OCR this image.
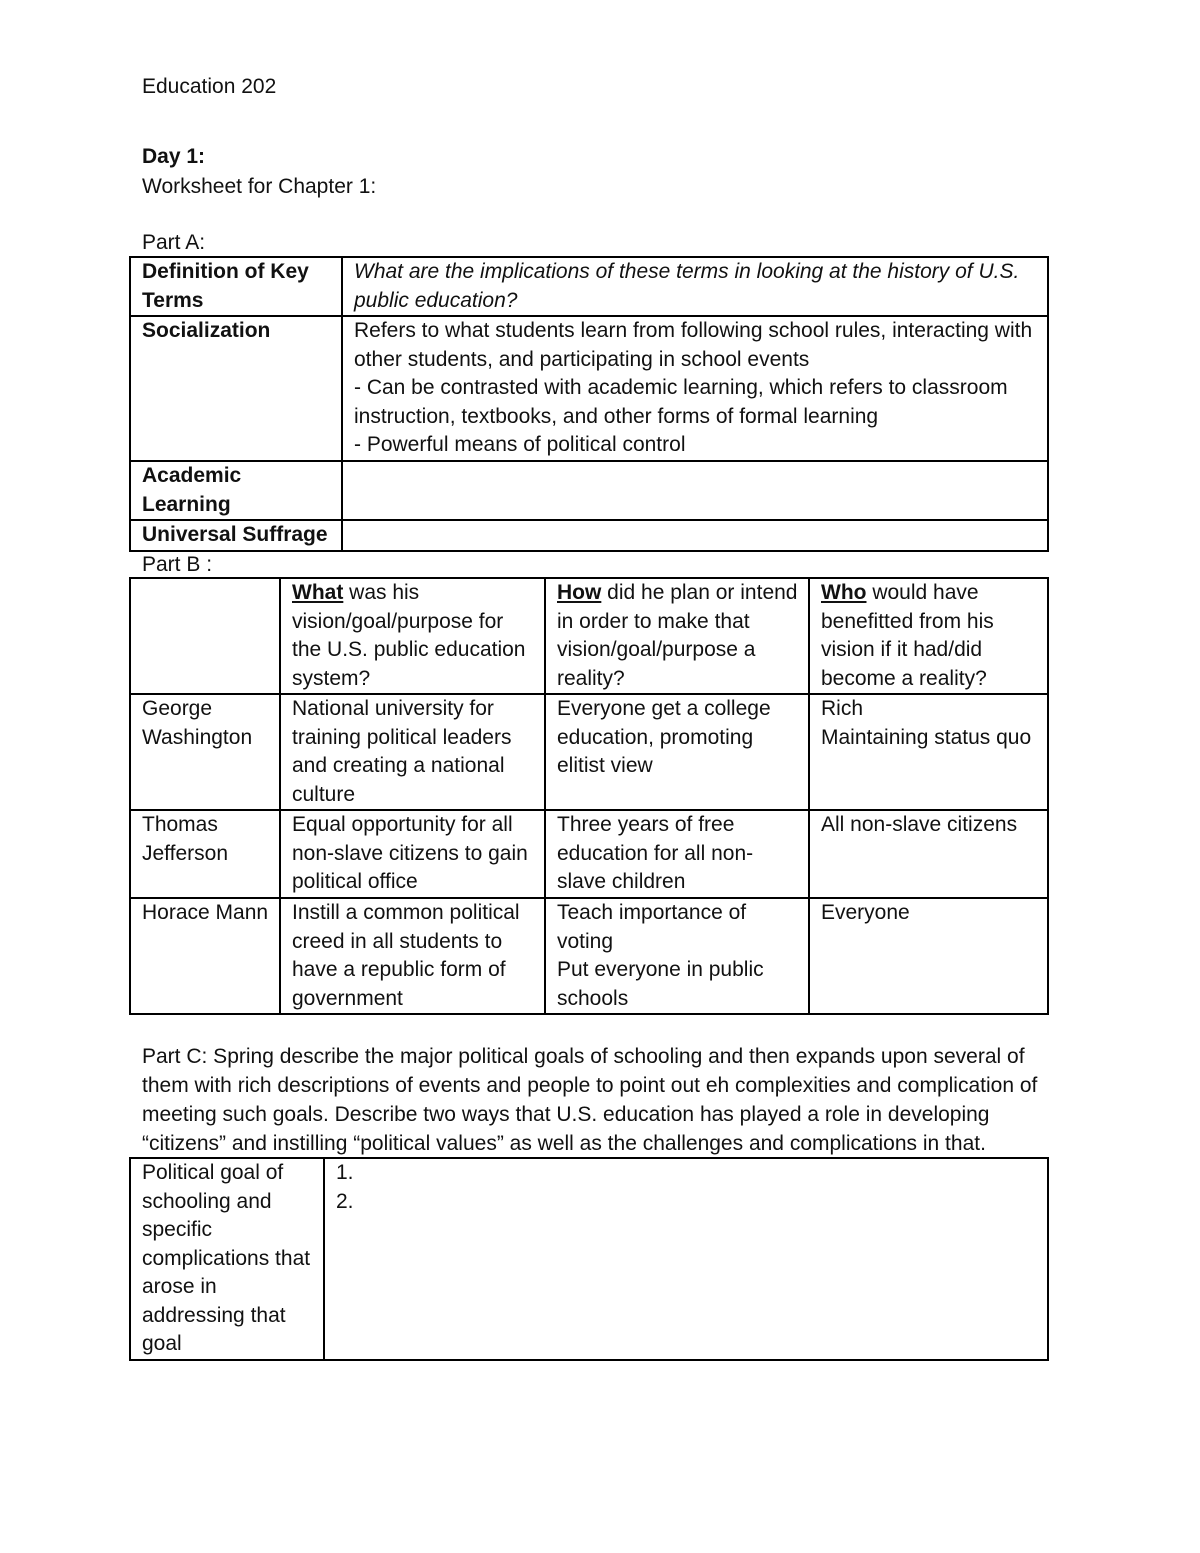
Education 202

Day 1:

Worksheet for Chapter 1:

Part A:

Definition of Key Terms	What are the implications of these terms in looking at the history of U.S. public education?
Socialization	Refers to what students learn from following school rules, interacting with other students, and participating in school events
- Can be contrasted with academic learning, which refers to classroom instruction, textbooks, and other forms of formal learning
- Powerful means of political control

Academic Learning	
Universal Suffrage	

Part B :

	What was his vision/goal/purpose for the U.S. public education system?	How did he plan or intend in order to make that vision/goal/purpose a reality?	Who would have benefitted from his vision if it had/did become a reality?
George Washington	National university for training political leaders and creating a national culture	Everyone get a college education, promoting elitist view	Rich
Maintaining status quo

Thomas Jefferson	Equal opportunity for all non-slave citizens to gain political office	Three years of free education for all non-slave children	All non-slave citizens
Horace Mann	Instill a common political creed in all students to have a republic form of government	Teach importance of voting
Put everyone in public schools	Everyone

Part C: Spring describe the major political goals of schooling and then expands upon several of them with rich descriptions of events and people to point out eh complexities and complication of meeting such goals. Describe two ways that U.S. education has played a role in developing “citizens” and instilling “political values” as well as the challenges and complications in that.

Political goal of schooling and specific complications that arose in addressing that goal	
1.
2.
